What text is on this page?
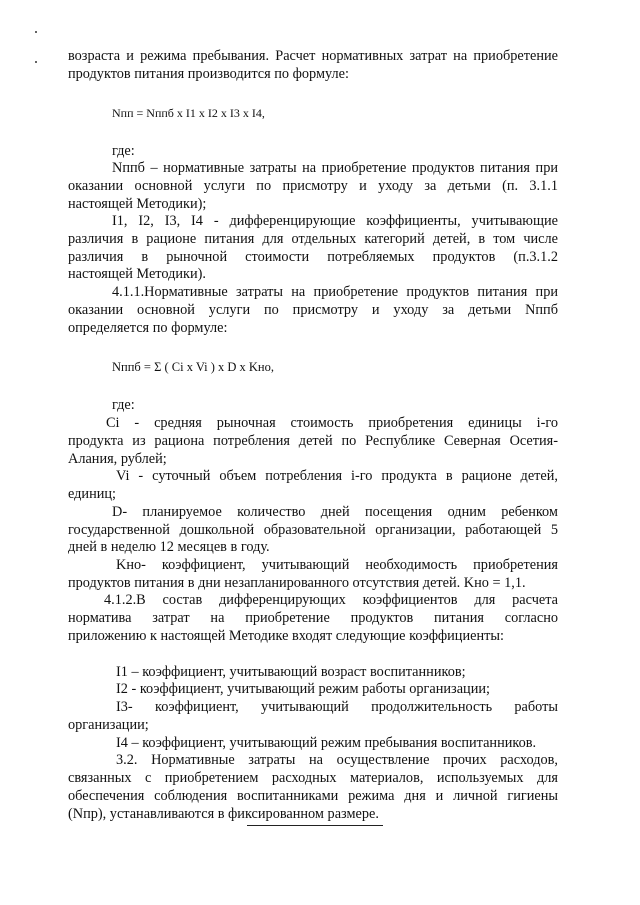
возраста и режима пребывания. Расчет нормативных затрат на приобретение
продуктов питания производится по формуле:
Nпп = Nппб x I1 x I2 x I3 x I4,
где:
Nппб – нормативные затраты на приобретение продуктов питания при
оказании основной услуги по присмотру и уходу за детьми (п. 3.1.1
настоящей Методики);
I1, I2, I3, I4 - дифференцирующие коэффициенты, учитывающие
различия в рационе питания для отдельных категорий детей, в том числе
различия в рыночной стоимости потребляемых продуктов (п.3.1.2
настоящей Методики).
4.1.1.Нормативные затраты на приобретение продуктов питания при
оказании основной услуги по присмотру и уходу за детьми Nппб
определяется по формуле:
Nппб = Σ ( Ci x Vi ) x D x Kно,
где:
Ci - средняя рыночная стоимость приобретения единицы i-го
продукта из рациона потребления детей по Республике Северная Осетия-
Алания, рублей;
Vi - суточный объем потребления i-го продукта в рационе детей,
единиц;
D- планируемое количество дней посещения одним ребенком
государственной дошкольной образовательной организации, работающей 5
дней в неделю 12 месяцев в году.
Kно- коэффициент, учитывающий необходимость приобретения
продуктов питания в дни незапланированного отсутствия детей. Kно = 1,1.
4.1.2.В состав дифференцирующих коэффициентов для расчета
норматива затрат на приобретение продуктов питания согласно
приложению к настоящей Методике входят следующие коэффициенты:
I1 – коэффициент, учитывающий возраст воспитанников;
I2 - коэффициент, учитывающий режим работы организации;
I3- коэффициент, учитывающий продолжительность работы
организации;
I4 – коэффициент, учитывающий режим пребывания воспитанников.
3.2. Нормативные затраты на осуществление прочих расходов,
связанных с приобретением расходных материалов, используемых для
обеспечения соблюдения воспитанниками режима дня и личной гигиены
(Nпр), устанавливаются в фиксированном размере.
